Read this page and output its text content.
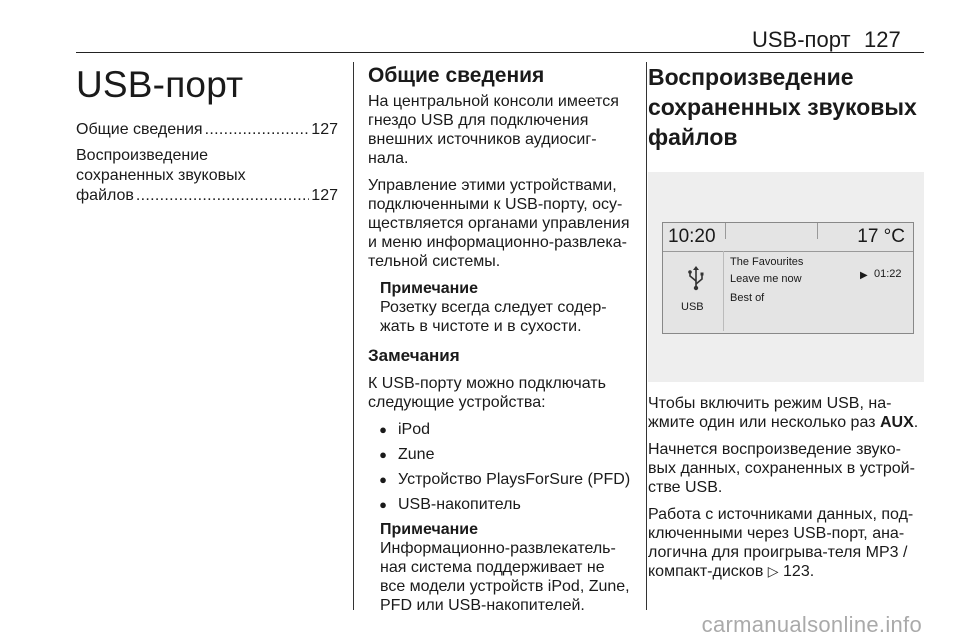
USB-порт 127
USB-порт
Общие сведения .....	127
Воспроизведение
сохраненных звуковых
файлов .....	127
Общие сведения

На центральной консоли имеется гнездо USB для подключения внешних источников аудиосиг-нала.

Управление этими устройствами, подключенными к USB-порту, осу-ществляется органами управления и меню информационно-развлека-тельной системы.

Примечание
Розетку всегда следует содер-жать в чистоте и в сухости.
Замечания

К USB-порту можно подключать следующие устройства:

● iPod
● Zune
● Устройство PlaysForSure (PFD)
● USB-накопитель
Примечание
Информационно-развлекатель-ная система поддерживает не все модели устройств iPod, Zune, PFD или USB-накопителей.
Воспроизведение сохраненных звуковых файлов
10:20	17 °C
USB
The Favourites
Leave me now
Best of
▶ 01:22

Чтобы включить режим USB, на-жмите один или несколько раз AUX.

Начнется воспроизведение звуко-вых данных, сохраненных в устрой-стве USB.

Работа с источниками данных, под-ключенными через USB-порт, ана-логична для проигрыва-теля MP3 / компакт-дисков ▷ 123.

carmanualsonline.info
